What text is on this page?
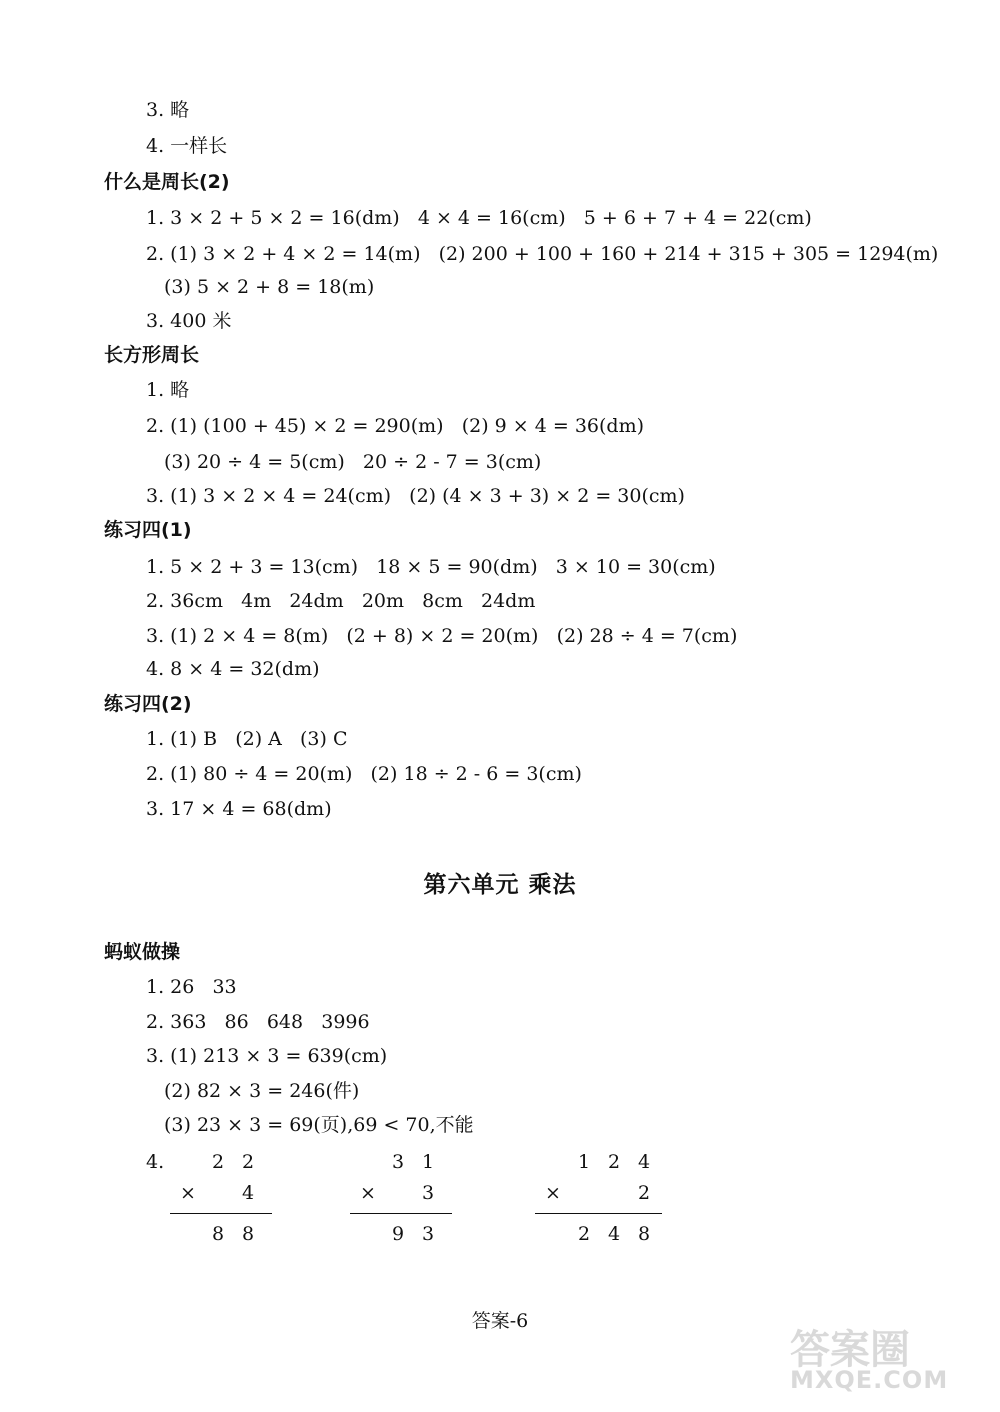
3. 略
4. 一样长
什么是周长(2)
1. 3 × 2 + 5 × 2 = 16(dm)   4 × 4 = 16(cm)   5 + 6 + 7 + 4 = 22(cm)
2. (1) 3 × 2 + 4 × 2 = 14(m)   (2) 200 + 100 + 160 + 214 + 315 + 305 = 1294(m)
(3) 5 × 2 + 8 = 18(m)
3. 400 米
长方形周长
1. 略
2. (1) (100 + 45) × 2 = 290(m)   (2) 9 × 4 = 36(dm)
(3) 20 ÷ 4 = 5(cm)   20 ÷ 2 - 7 = 3(cm)
3. (1) 3 × 2 × 4 = 24(cm)   (2) (4 × 3 + 3) × 2 = 30(cm)
练习四(1)
1. 5 × 2 + 3 = 13(cm)   18 × 5 = 90(dm)   3 × 10 = 30(cm)
2. 36cm   4m   24dm   20m   8cm   24dm
3. (1) 2 × 4 = 8(m)   (2 + 8) × 2 = 20(m)   (2) 28 ÷ 4 = 7(cm)
4. 8 × 4 = 32(dm)
练习四(2)
1. (1) B   (2) A   (3) C
2. (1) 80 ÷ 4 = 20(m)   (2) 18 ÷ 2 - 6 = 3(cm)
3. 17 × 4 = 68(dm)
蚂蚁做操
1. 26   33
2. 363   86   648   3996
3. (1) 213 × 3 = 639(cm)
(2) 82 × 3 = 246(件)
(3) 23 × 3 = 69(页),69 < 70,不能
第六单元 乘法
4.	2 2
4
8 8
×
3 1
3
9 3
×
1 2 4
2
2 4 8
×
答案-6
答案圈
MXQE.COM
